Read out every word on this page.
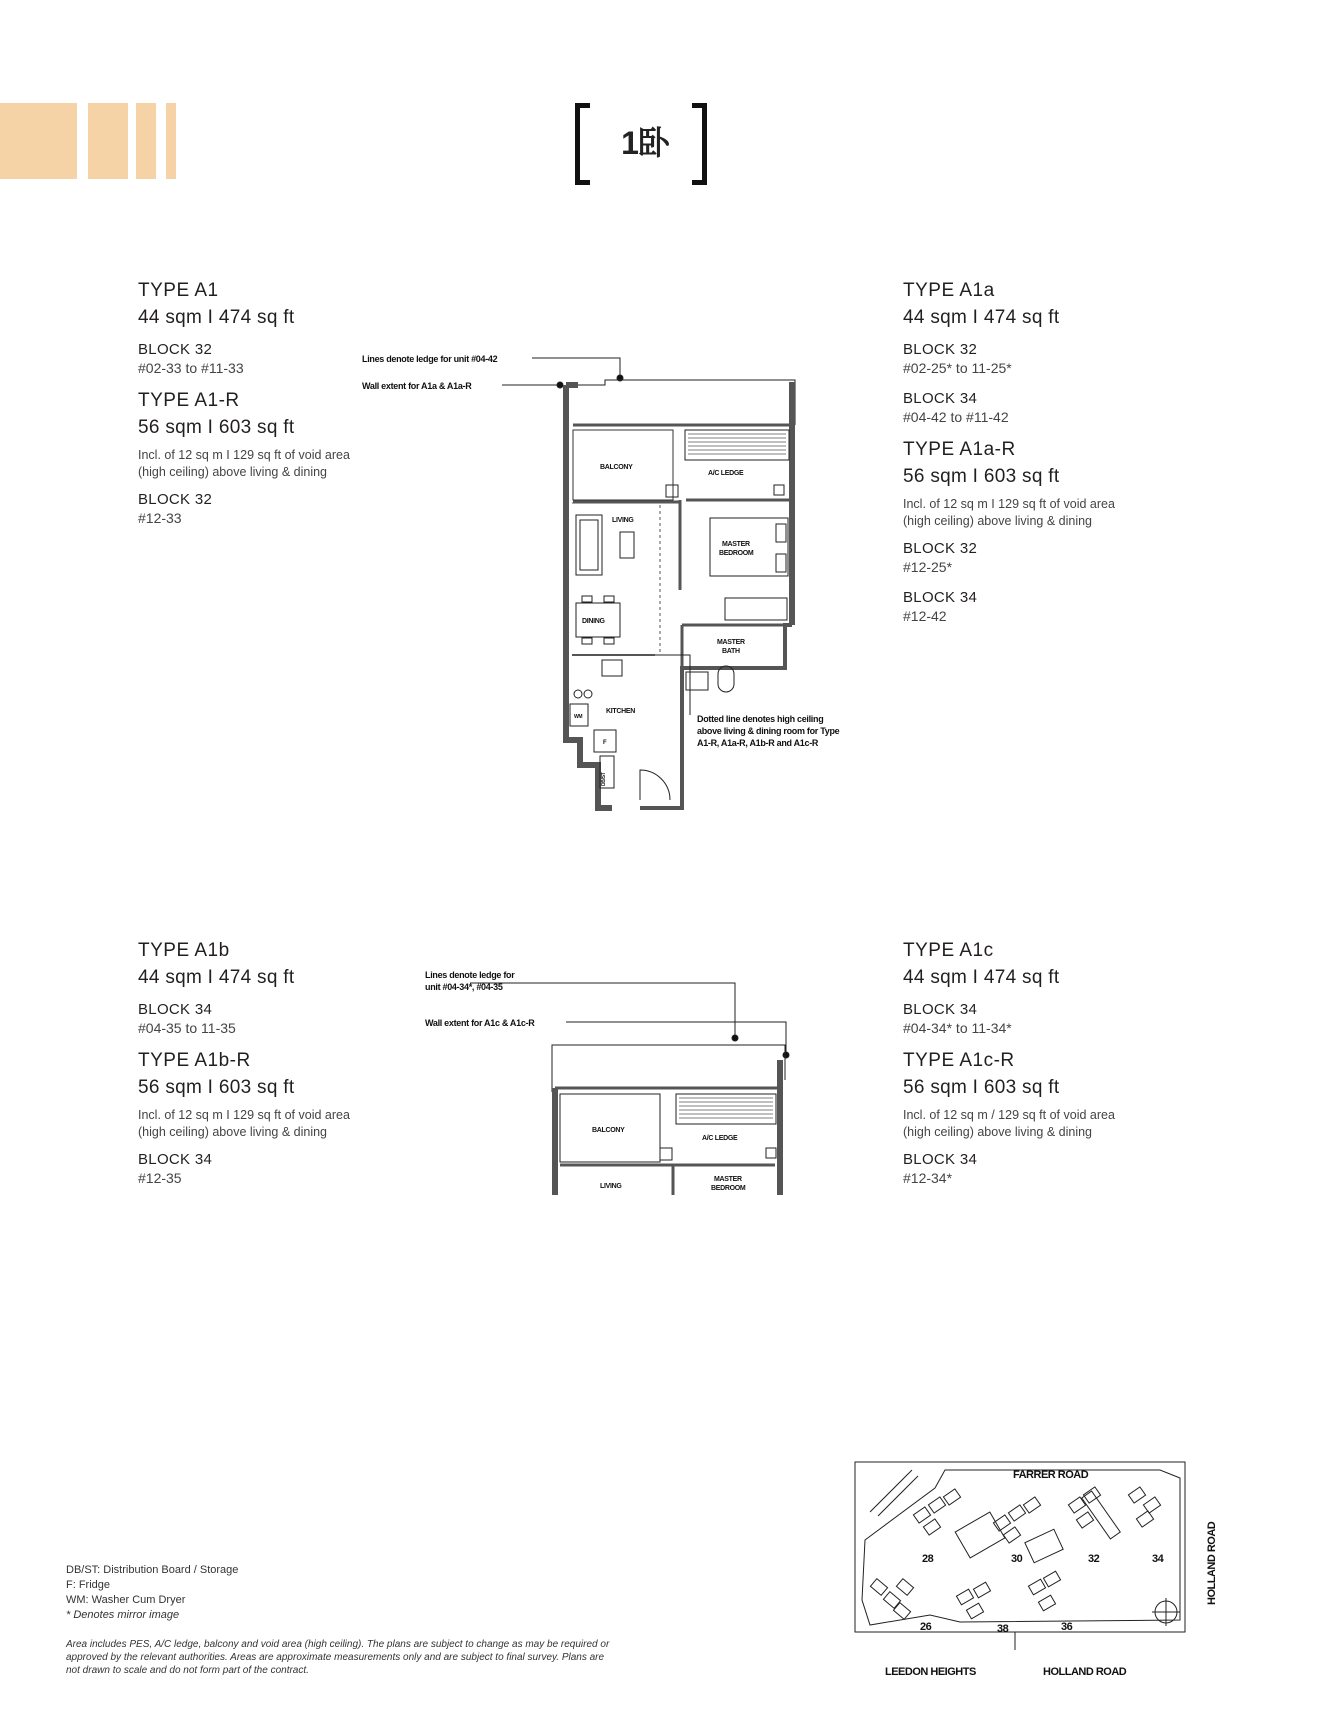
1卧
TYPE A1
44 sqm I 474 sq ft
BLOCK 32
#02-33 to #11-33
TYPE A1-R
56 sqm I 603 sq ft
Incl. of 12 sq m I 129 sq ft of void area
(high ceiling) above living & dining
BLOCK 32
#12-33
TYPE A1a
44 sqm I 474 sq ft
BLOCK 32
#02-25* to 11-25*
BLOCK 34
#04-42 to #11-42
TYPE A1a-R
56 sqm I 603 sq ft
Incl. of 12 sq m I 129 sq ft of void area
(high ceiling) above living & dining
BLOCK 32
#12-25*
BLOCK 34
#12-42
TYPE A1b
44 sqm I 474 sq ft
BLOCK 34
#04-35 to 11-35
TYPE A1b-R
56 sqm I 603 sq ft
Incl. of 12 sq m I 129 sq ft of void area
(high ceiling) above living & dining
BLOCK 34
#12-35
TYPE A1c
44 sqm I 474 sq ft
BLOCK 34
#04-34* to 11-34*
TYPE A1c-R
56 sqm I 603 sq ft
Incl. of 12 sq m / 129 sq ft of void area
(high ceiling) above living & dining
BLOCK 34
#12-34*
Lines denote ledge for unit #04-42
Wall extent for A1a & A1a-R
BALCONY
A/C LEDGE
LIVING
MASTER
BEDROOM
DINING
MASTER
BATH
KITCHEN
WM
F
DB/ST
Dotted line denotes high ceiling
above living & dining room for Type
A1-R, A1a-R, A1b-R and A1c-R
Lines denote ledge for
unit #04-34*, #04-35
Wall extent for A1c & A1c-R
BALCONY
A/C LEDGE
LIVING
MASTER
BEDROOM
FARRER ROAD
HOLLAND ROAD
LEEDON HEIGHTS	HOLLAND ROAD
28	30	32	34
26	38	36
DB/ST: Distribution Board / Storage
F: Fridge
WM: Washer Cum Dryer
* Denotes mirror image
Area includes PES, A/C ledge, balcony and void area (high ceiling). The plans are subject to change as may be required or approved by the relevant authorities. Areas are approximate measurements only and are subject to final survey. Plans are not drawn to scale and do not form part of the contract.
